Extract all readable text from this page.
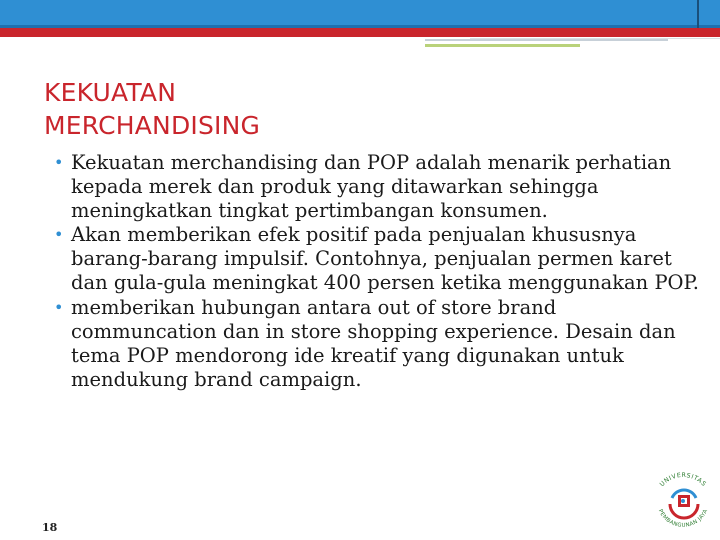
KEKUATAN
MERCHANDISING
• Kekuatan merchandising dan POP adalah menarik perhatian kepada merek dan produk yang ditawarkan sehingga meningkatkan tingkat pertimbangan konsumen.
• Akan memberikan efek positif pada penjualan khususnya barang-barang impulsif. Contohnya, penjualan permen karet dan gula-gula meningkat 400 persen ketika menggunakan POP.
• memberikan hubungan antara out of store brand communcation dan in store shopping experience. Desain dan tema POP mendorong ide kreatif yang digunakan untuk mendukung brand campaign.
18
UNIVERSITAS
PEMBANGUNAN JAYA
